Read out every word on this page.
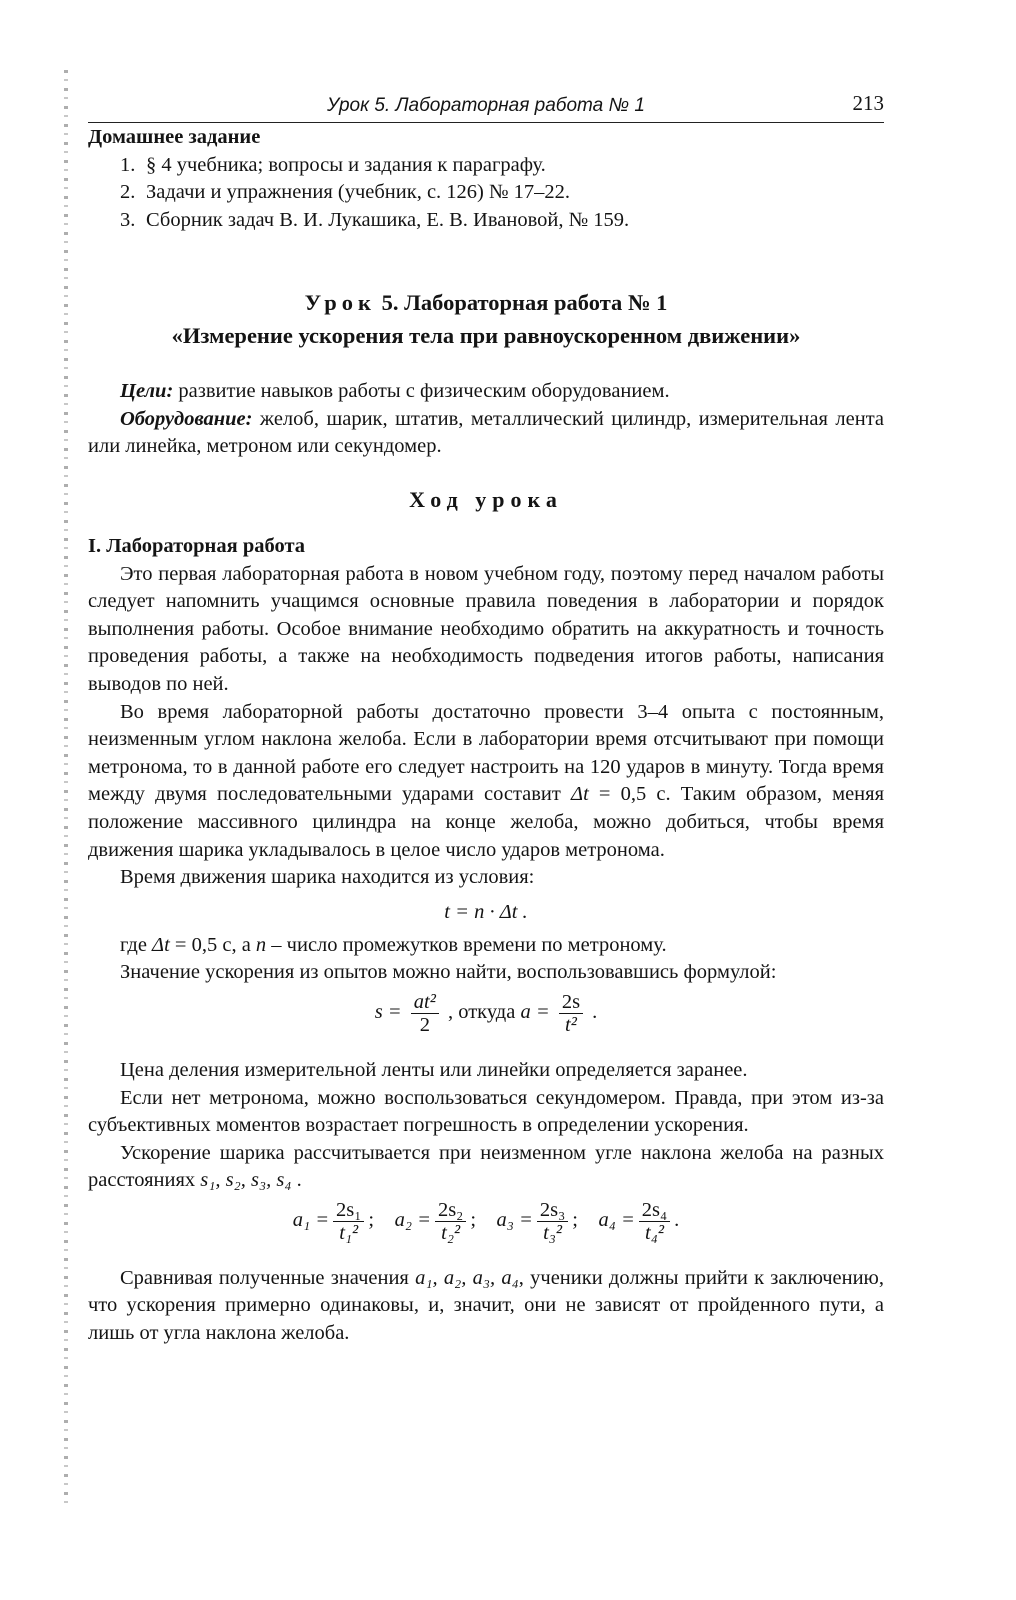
Урок 5. Лабораторная работа № 1	213
Домашнее задание
1. § 4 учебника; вопросы и задания к параграфу.
2. Задачи и упражнения (учебник, с. 126) № 17–22.
3. Сборник задач В. И. Лукашика, Е. В. Ивановой, № 159.
Урок 5. Лабораторная работа № 1
«Измерение ускорения тела при равноускоренном движении»

Цели: развитие навыков работы с физическим оборудованием.

Оборудование: желоб, шарик, штатив, металлический цилиндр, измерительная лента или линейка, метроном или секундомер.

Ход урока
I. Лабораторная работа

Это первая лабораторная работа в новом учебном году, поэтому перед началом работы следует напомнить учащимся основные правила поведения в лаборатории и порядок выполнения работы. Особое внимание необходимо обратить на аккуратность и точность проведения работы, а также на необходимость подведения итогов работы, написания выводов по ней.

Во время лабораторной работы достаточно провести 3–4 опыта с постоянным, неизменным углом наклона желоба. Если в лаборатории время отсчитывают при помощи метронома, то в данной работе его следует настроить на 120 ударов в минуту. Тогда время между двумя последовательными ударами составит Δt = 0,5 с. Таким образом, меняя положение массивного цилиндра на конце желоба, можно добиться, чтобы время движения шарика укладывалось в целое число ударов метронома.

Время движения шарика находится из условия:

t = n · Δt .

где Δt = 0,5 с, а n – число промежутков времени по метроному.

Значение ускорения из опытов можно найти, воспользовавшись формулой:

$s = \frac{\text{at²}}{2}$ , откуда $a = \frac{2s}{\text{t²}}$ .

Цена деления измерительной ленты или линейки определяется заранее.

Если нет метронома, можно воспользоваться секундомером. Правда, при этом из-за субъективных моментов возрастает погрешность в определении ускорения.

Ускорение шарика рассчитывается при неизменном угле наклона желоба на разных расстояниях s₁, s₂, s₃, s₄ .

$a_1 = \frac{\text{2s₁}}{\text{t₁²}}$ ; $a_2 = \frac{\text{2s₂}}{\text{t₂²}}$ ; $a_3 = \frac{\text{2s₃}}{\text{t₃²}}$ ; $a_4 = \frac{\text{2s₄}}{\text{t₄²}}$ .

Сравнивая полученные значения a₁, a₂, a₃, a₄, ученики должны прийти к заключению, что ускорения примерно одинаковы, и, значит, они не зависят от пройденного пути, а лишь от угла наклона желоба.
